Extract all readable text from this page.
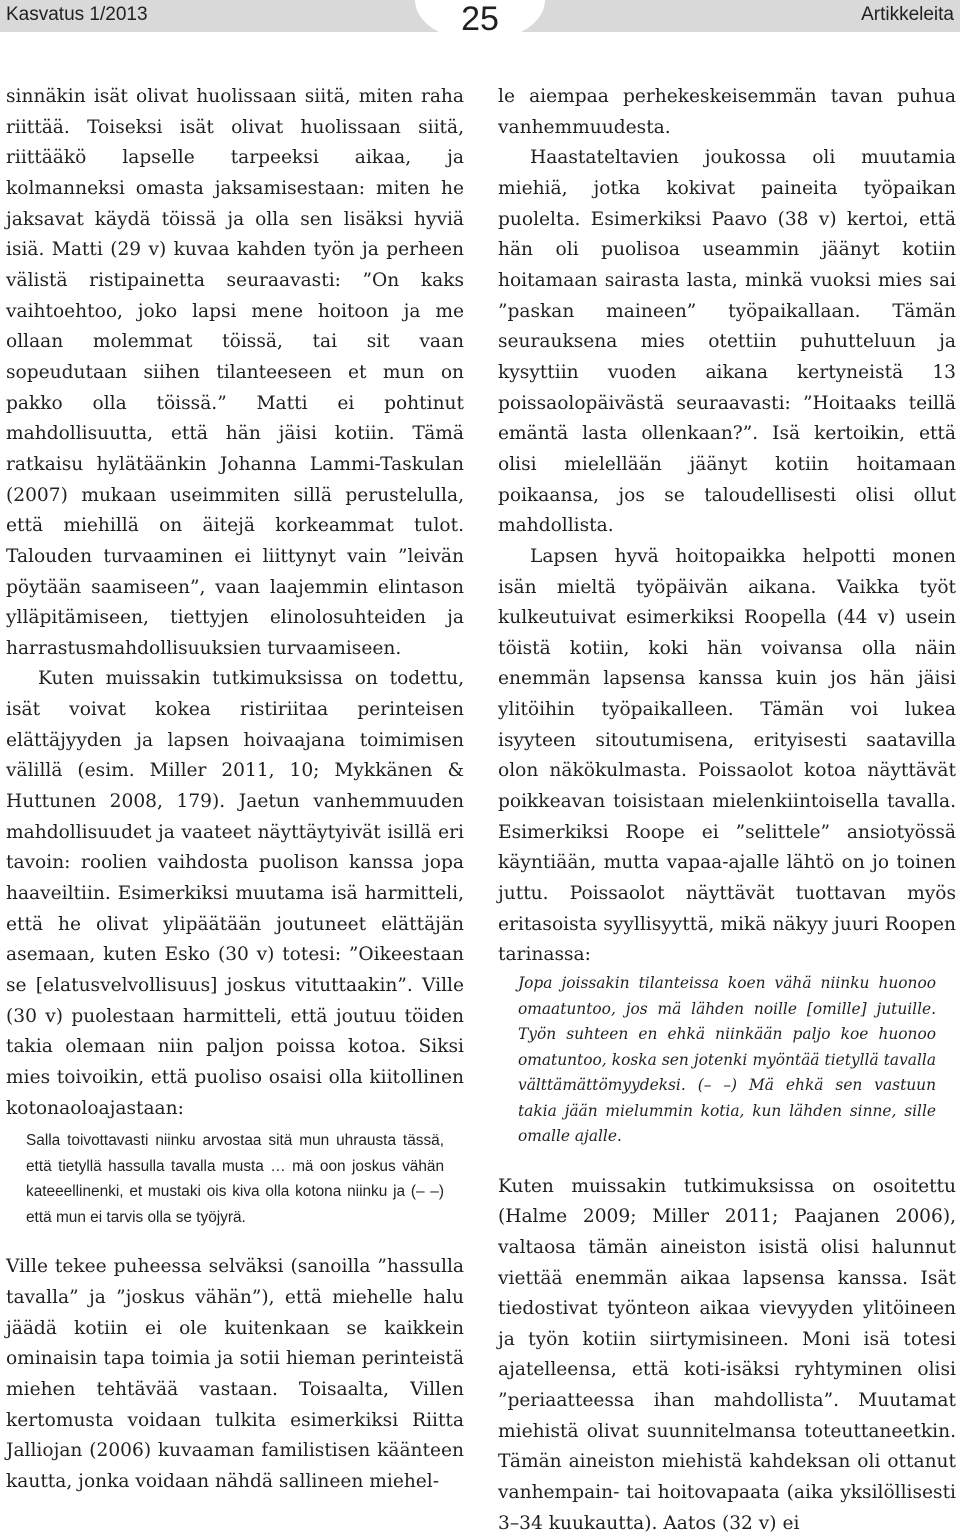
Kasvatus 1/2013	25	Artikkeleita

sinnäkin isät olivat huolissaan siitä, miten raha riittää. Toiseksi isät olivat huolissaan siitä, riittääkö lapselle tarpeeksi aikaa, ja kolmanneksi omasta jaksamisestaan: miten he jaksavat käydä töissä ja olla sen lisäksi hyviä isiä. Matti (29 v) kuvaa kahden työn ja perheen välistä ristipainetta seuraavasti: ”On kaks vaihtoehtoo, joko lapsi mene hoitoon ja me ollaan molemmat töissä, tai sit vaan sopeudutaan siihen tilanteeseen et mun on pakko olla töissä.” Matti ei pohtinut mahdollisuutta, että hän jäisi kotiin. Tämä ratkaisu hylätäänkin Johanna Lammi-Taskulan (2007) mukaan useimmiten sillä perustelulla, että miehillä on äitejä korkeammat tulot. Talouden turvaaminen ei liittynyt vain ”leivän pöytään saamiseen”, vaan laajemmin elintason ylläpitämiseen, tiettyjen elinolosuhteiden ja harrastusmahdollisuuksien turvaamiseen.

Kuten muissakin tutkimuksissa on todettu, isät voivat kokea ristiriitaa perinteisen elättäjyyden ja lapsen hoivaajana toimimisen välillä (esim. Miller 2011, 10; Mykkänen & Huttunen 2008, 179). Jaetun vanhemmuuden mahdollisuudet ja vaateet näyttäytyivät isillä eri tavoin: roolien vaihdosta puolison kanssa jopa haaveiltiin. Esimerkiksi muutama isä harmitteli, että he olivat ylipäätään joutuneet elättäjän asemaan, kuten Esko (30 v) totesi: ”Oikeestaan se [elatusvelvollisuus] joskus vituttaakin”. Ville (30 v) puolestaan harmitteli, että joutuu töiden takia olemaan niin paljon poissa kotoa. Siksi mies toivoikin, että puoliso osaisi olla kiitollinen kotonaoloajastaan:

Salla toivottavasti niinku arvostaa sitä mun uhrausta tässä, että tietyllä hassulla tavalla musta … mä oon joskus vähän kateeellinenki, et mustaki ois kiva olla kotona niinku ja (– –) että mun ei tarvis olla se työjyrä.

Ville tekee puheessa selväksi (sanoilla ”hassulla tavalla” ja ”joskus vähän”), että miehelle halu jäädä kotiin ei ole kuitenkaan se kaikkein ominaisin tapa toimia ja sotii hieman perinteistä miehen tehtävää vastaan. Toisaalta, Villen kertomusta voidaan tulkita esimerkiksi Riitta Jalliojan (2006) kuvaaman familistisen käänteen kautta, jonka voidaan nähdä sallineen miehel-

le aiempaa perhekeskeisemmän tavan puhua vanhemmuudesta.

Haastateltavien joukossa oli muutamia miehiä, jotka kokivat paineita työpaikan puolelta. Esimerkiksi Paavo (38 v) kertoi, että hän oli puolisoa useammin jäänyt kotiin hoitamaan sairasta lasta, minkä vuoksi mies sai ”paskan maineen” työpaikallaan. Tämän seurauksena mies otettiin puhutteluun ja kysyttiin vuoden aikana kertyneistä 13 poissaolopäivästä seuraavasti: ”Hoitaaks teillä emäntä lasta ollenkaan?”. Isä kertoikin, että olisi mielellään jäänyt kotiin hoitamaan poikaansa, jos se taloudellisesti olisi ollut mahdollista.

Lapsen hyvä hoitopaikka helpotti monen isän mieltä työpäivän aikana. Vaikka työt kulkeutuivat esimerkiksi Roopella (44 v) usein töistä kotiin, koki hän voivansa olla näin enemmän lapsensa kanssa kuin jos hän jäisi ylitöihin työpaikalleen. Tämän voi lukea isyyteen sitoutumisena, erityisesti saatavilla olon näkökulmasta. Poissaolot kotoa näyttävät poikkeavan toisistaan mielenkiintoisella tavalla. Esimerkiksi Roope ei ”selittele” ansiotyössä käyntiään, mutta vapaa-ajalle lähtö on jo toinen juttu. Poissaolot näyttävät tuottavan myös eritasoista syyllisyyttä, mikä näkyy juuri Roopen tarinassa:

Jopa joissakin tilanteissa koen vähä niinku huonoo omaatuntoo, jos mä lähden noille [omille] jutuille. Työn suhteen en ehkä niinkään paljo koe huonoo omatuntoo, koska sen jotenki myöntää tietyllä tavalla välttämättömyydeksi. (– –) Mä ehkä sen vastuun takia jään mielummin kotia, kun lähden sinne, sille omalle ajalle.

Kuten muissakin tutkimuksissa on osoitettu (Halme 2009; Miller 2011; Paajanen 2006), valtaosa tämän aineiston isistä olisi halunnut viettää enemmän aikaa lapsensa kanssa. Isät tiedostivat työnteon aikaa vievyyden ylitöineen ja työn kotiin siirtymisineen. Moni isä totesi ajatelleensa, että koti-isäksi ryhtyminen olisi ”periaatteessa ihan mahdollista”. Muutamat miehistä olivat suunnitelmansa toteuttaneetkin. Tämän aineiston miehistä kahdeksan oli ottanut vanhempain- tai hoitovapaata (aika yksilöllisesti 3–34 kuukautta). Aatos (32 v) ei
